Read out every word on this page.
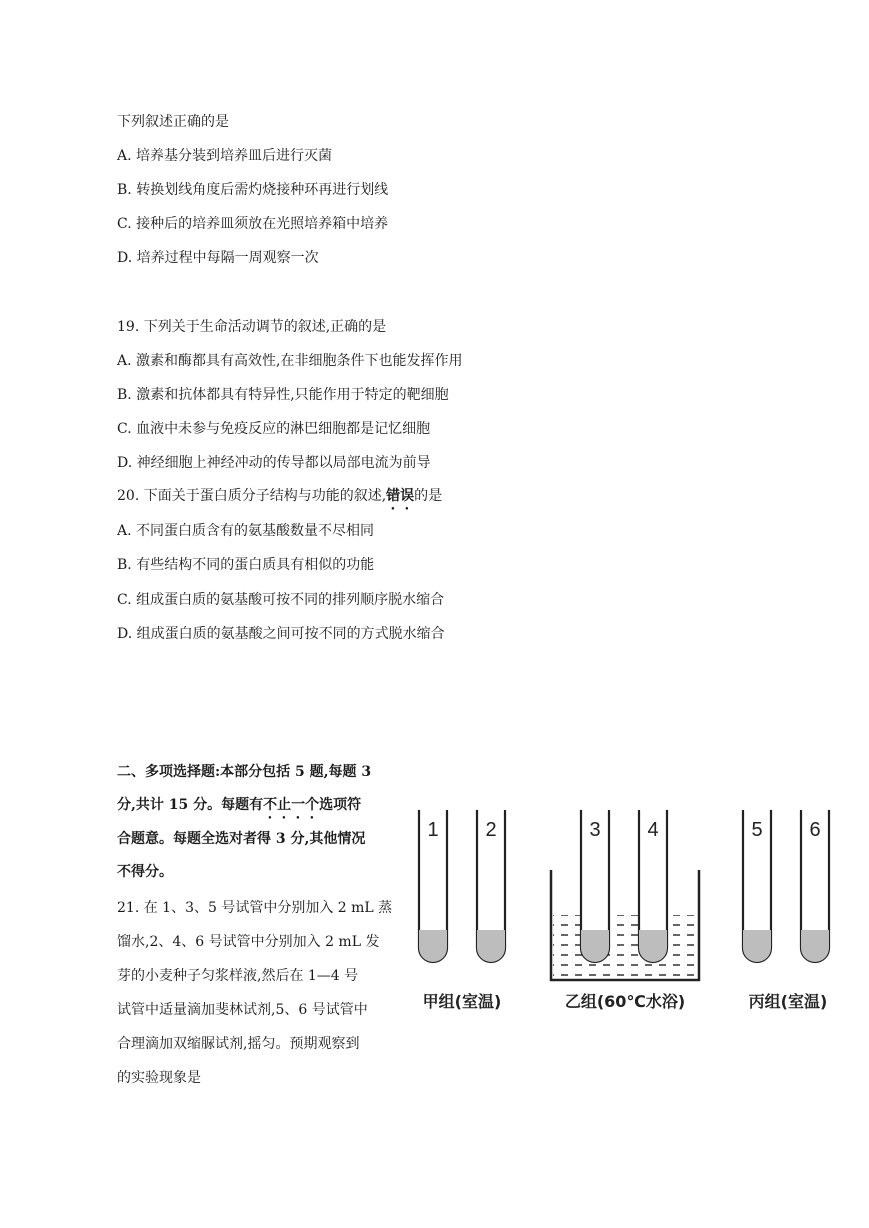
下列叙述正确的是
A. 培养基分装到培养皿后进行灭菌
B. 转换划线角度后需灼烧接种环再进行划线
C. 接种后的培养皿须放在光照培养箱中培养
D. 培养过程中每隔一周观察一次
19. 下列关于生命活动调节的叙述,正确的是
A. 激素和酶都具有高效性,在非细胞条件下也能发挥作用
B. 激素和抗体都具有特异性,只能作用于特定的靶细胞
C. 血液中未参与免疫反应的淋巴细胞都是记忆细胞
D. 神经细胞上神经冲动的传导都以局部电流为前导
20. 下面关于蛋白质分子结构与功能的叙述,错误的是
A. 不同蛋白质含有的氨基酸数量不尽相同
B. 有些结构不同的蛋白质具有相似的功能
C. 组成蛋白质的氨基酸可按不同的排列顺序脱水缩合
D. 组成蛋白质的氨基酸之间可按不同的方式脱水缩合
二、多项选择题:本部分包括 5 题,每题 3
分,共计 15 分。每题有不止一个选项符
合题意。每题全选对者得 3 分,其他情况
不得分。
21. 在 1、3、5 号试管中分别加入 2 mL 蒸
馏水,2、4、6 号试管中分别加入 2 mL 发
芽的小麦种子匀浆样液,然后在 1—4 号
试管中适量滴加斐林试剂,5、6 号试管中
合理滴加双缩脲试剂,摇匀。预期观察到
的实验现象是
1 2	3 4	5 6
甲组(室温)	乙组(60℃水浴)	丙组(室温)
